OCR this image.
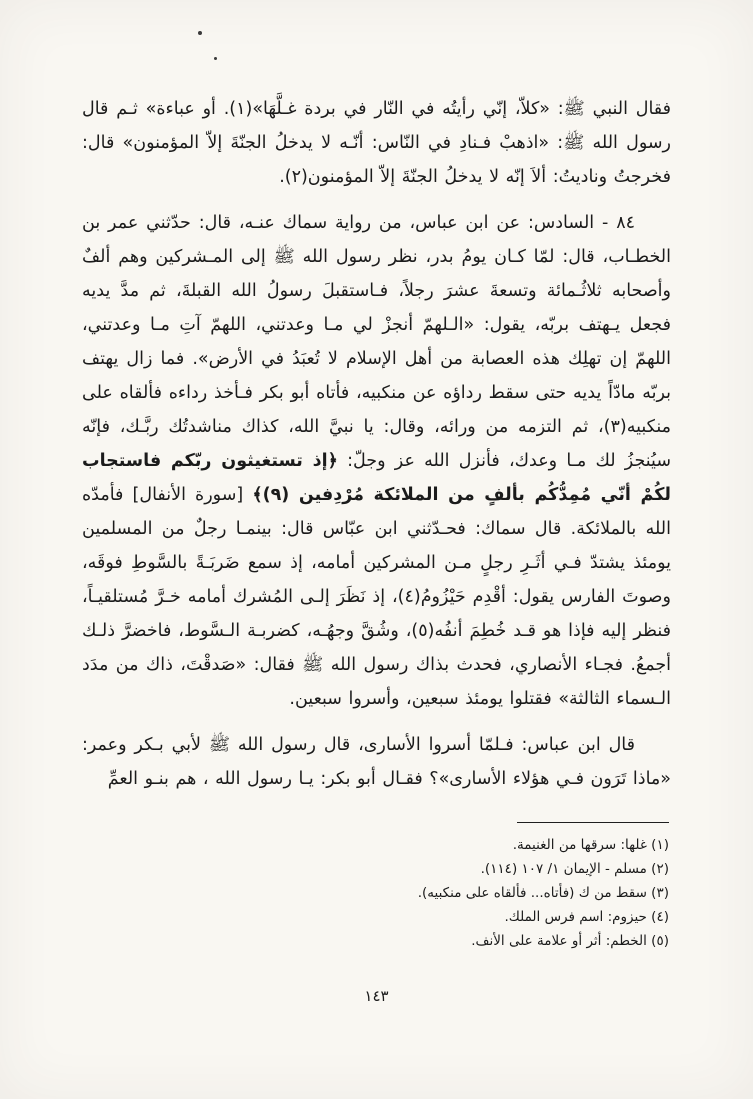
فقال النبي ﷺ: «كلاّ، إنّي رأيتُه في النّار في بردة غـلَّهَا»(١). أو عباءة» ثـم قال رسول الله ﷺ: «اذهبْ فـنادِ في النّاس: أنّـه لا يدخلُ الجنّةَ إلاّ المؤمنون» قال: فخرجتُ وناديتُ: ألاَ إنّه لا يدخلُ الجنّةَ إلاّ المؤمنون(٢).

٨٤ - السادس: عن ابن عباس، من رواية سماك عنـه، قال: حدّثني عمر بن الخطـاب، قال: لمّا كـان يومُ بدر، نظر رسول الله ﷺ إلى المـشركين وهم ألفٌ وأصحابه ثلاثُـمائة وتسعةَ عشرَ رجلاً، فـاستقبلَ رسولُ الله القبلةَ، ثم مدَّ يديه فجعل يـهتف بربّه، يقول: «الـلهمّ أنجزْ لي مـا وعدتني، اللهمّ آتِ مـا وعدتني، اللهمّ إن تهلِك هذه العصابة من أهل الإسلام لا تُعبَدُ في الأرض». فما زال يهتف بربّه مادّاً يديه حتى سقط رداؤه عن منكبيه، فأتاه أبو بكر فـأخذ رداءه فألقاه على منكبيه(٣)، ثم التزمه من ورائه، وقال: يا نبيَّ الله، كذاك مناشدتُك ربَّـك، فإنّه سيُنجزُ لك مـا وعدك، فأنزل الله عز وجلّ: ﴿إذ تستغيثون ربّكم فاستجاب لكُمْ أنّي مُمِدُّكُم بألفٍ من الملائكة مُرْدِفين (٩)﴾ [سورة الأنفال] فأمدّه الله بالملائكة. قال سماك: فحـدّثني ابن عبّاس قال: بينمـا رجلٌ من المسلمين يومئذ يشتدّ فـي أثَـرِ رجلٍ مـن المشركين أمامه، إذ سمع ضَربَـةً بالسَّوطِ فوقَه، وصوتَ الفارس يقول: أقْدِم حَيْزُومُ(٤)، إذ نَظَرَ إلـى المُشرك أمامه خـرَّ مُستلقيـاً، فنظر إليه فإذا هو قـد خُطِمَ أنفُه(٥)، وشُقَّ وجهُـه، كضربـة الـسَّوط، فاخضرَّ ذلـك أجمعُ. فجـاء الأنصاري، فحدث بذاك رسول الله ﷺ فقال: «صَدقْتَ، ذاك من مدَد الـسماء الثالثة» فقتلوا يومئذ سبعين، وأسروا سبعين.

قال ابن عباس: فـلمّا أسروا الأسارى، قال رسول الله ﷺ لأبي بـكر وعمر: «ماذا تَرَون فـي هؤلاء الأسارى»؟ فقـال أبو بكر: يـا رسول الله ، هم بنـو العمِّ

(١) غلها: سرقها من الغنيمة.

(٢) مسلم - الإيمان ١/ ١٠٧ (١١٤).

(٣) سقط من ك (فأتاه... فألقاه على منكبيه).

(٤) حيزوم: اسم فرس الملك.

(٥) الخطم: أثر أو علامة على الأنف.

١٤٣
